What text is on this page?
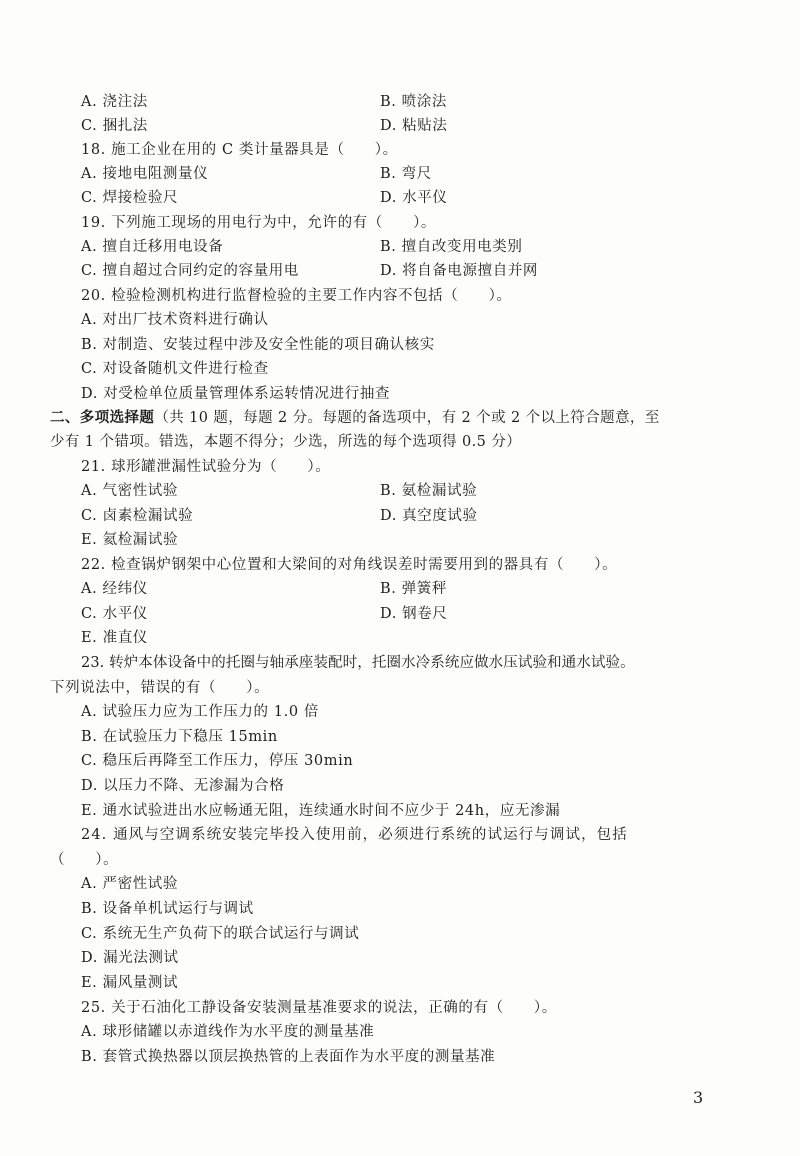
A. 浇注法	B. 喷涂法
C. 捆扎法	D. 粘贴法
18. 施工企业在用的 C 类计量器具是（　　）。
A. 接地电阻测量仪	B. 弯尺
C. 焊接检验尺	D. 水平仪
19. 下列施工现场的用电行为中，允许的有（　　）。
A. 擅自迁移用电设备	B. 擅自改变用电类别
C. 擅自超过合同约定的容量用电	D. 将自备电源擅自并网
20. 检验检测机构进行监督检验的主要工作内容不包括（　　）。
A. 对出厂技术资料进行确认
B. 对制造、安装过程中涉及安全性能的项目确认核实
C. 对设备随机文件进行检查
D. 对受检单位质量管理体系运转情况进行抽查
二、多项选择题（共 10 题，每题 2 分。每题的备选项中，有 2 个或 2 个以上符合题意，至
少有 1 个错项。错选，本题不得分；少选，所选的每个选项得 0.5 分）
21. 球形罐泄漏性试验分为（　　）。
A. 气密性试验	B. 氨检漏试验
C. 卤素检漏试验	D. 真空度试验
E. 氦检漏试验
22. 检查锅炉钢架中心位置和大梁间的对角线误差时需要用到的器具有（　　）。
A. 经纬仪	B. 弹簧秤
C. 水平仪	D. 钢卷尺
E. 准直仪
23. 转炉本体设备中的托圈与轴承座装配时，托圈水冷系统应做水压试验和通水试验。
下列说法中，错误的有（　　）。
A. 试验压力应为工作压力的 1.0 倍
B. 在试验压力下稳压 15min
C. 稳压后再降至工作压力，停压 30min
D. 以压力不降、无渗漏为合格
E. 通水试验进出水应畅通无阻，连续通水时间不应少于 24h，应无渗漏
24. 通风与空调系统安装完毕投入使用前，必须进行系统的试运行与调试，包括
（　　）。
A. 严密性试验
B. 设备单机试运行与调试
C. 系统无生产负荷下的联合试运行与调试
D. 漏光法测试
E. 漏风量测试
25. 关于石油化工静设备安装测量基准要求的说法，正确的有（　　）。
A. 球形储罐以赤道线作为水平度的测量基准
B. 套管式换热器以顶层换热管的上表面作为水平度的测量基准
3
